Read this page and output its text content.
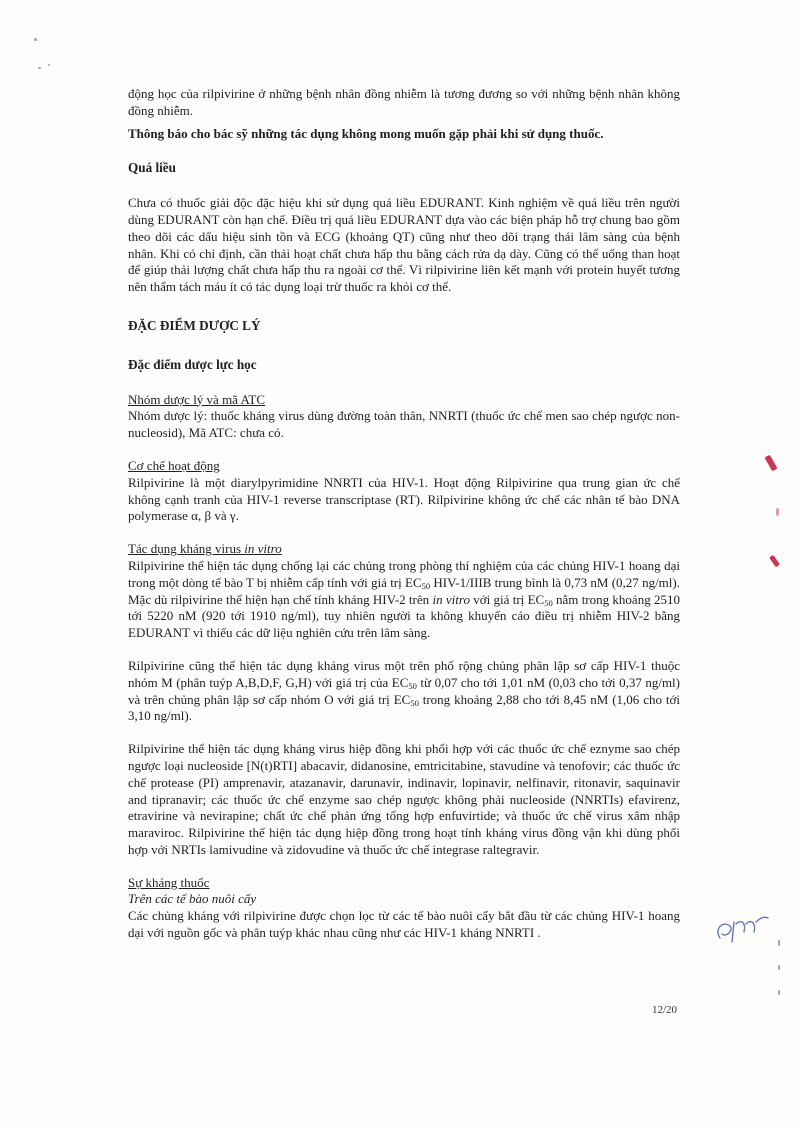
động học của rilpivirine ở những bệnh nhân đồng nhiễm là tương đương so với những bệnh nhân không đồng nhiễm.

Thông báo cho bác sỹ những tác dụng không mong muốn gặp phải khi sử dụng thuốc.

Quá liều

Chưa có thuốc giải độc đặc hiệu khi sử dụng quá liều EDURANT. Kinh nghiệm về quá liều trên người dùng EDURANT còn hạn chế. Điều trị quá liều EDURANT dựa vào các biện pháp hỗ trợ chung bao gồm theo dõi các dấu hiệu sinh tồn và ECG (khoảng QT) cũng như theo dõi trạng thái lâm sàng của bệnh nhân. Khi có chỉ định, cần thải hoạt chất chưa hấp thu bằng cách rửa dạ dày. Cũng có thể uống than hoạt để giúp thải lượng chất chưa hấp thu ra ngoài cơ thể. Vì rilpivirine liên kết mạnh với protein huyết tương nên thẩm tách máu ít có tác dụng loại trừ thuốc ra khỏi cơ thể.

ĐẶC ĐIỂM DƯỢC LÝ

Đặc điểm dược lực học

Nhóm dược lý và mã ATC

Nhóm dược lý: thuốc kháng virus dùng đường toàn thân, NNRTI (thuốc ức chế men sao chép ngược non-nucleosid), Mã ATC: chưa có.

Cơ chế hoạt động

Rilpivirine là một diarylpyrimidine NNRTI của HIV-1. Hoạt động Rilpivirine qua trung gian ức chế không cạnh tranh của HIV-1 reverse transcriptase (RT). Rilpivirine không ức chế các nhân tế bào DNA polymerase α, β và γ.

Tác dụng kháng virus in vitro

Rilpivirine thể hiện tác dụng chống lại các chủng trong phòng thí nghiệm của các chủng HIV-1 hoang dại trong một dòng tế bào T bị nhiễm cấp tính với giá trị $EC_{50}$ HIV-1/IIIB trung bình là 0,73 nM (0,27 ng/ml). Mặc dù rilpivirine thể hiện hạn chế tính kháng HIV-2 trên in vitro với giá trị $EC_{50}$ nằm trong khoảng 2510 tới 5220 nM (920 tới 1910 ng/ml), tuy nhiên người ta không khuyến cáo điều trị nhiễm HIV-2 bằng EDURANT vì thiếu các dữ liệu nghiên cứu trên lâm sàng.

Rilpivirine cũng thể hiện tác dụng kháng virus một trên phổ rộng chủng phân lập sơ cấp HIV-1 thuộc nhóm M (phân tuýp A,B,D,F, G,H) với giá trị của $EC_{50}$ từ 0,07 cho tới 1,01 nM (0,03 cho tới 0,37 ng/ml) và trên chủng phân lập sơ cấp nhóm O với giá trị $EC_{50}$ trong khoảng 2,88 cho tới 8,45 nM (1,06 cho tới 3,10 ng/ml).

Rilpivirine thể hiện tác dụng kháng virus hiệp đồng khi phối hợp với các thuốc ức chế eznyme sao chép ngược loại nucleoside [N(t)RTI] abacavir, didanosine, emtricitabine, stavudine và tenofovir; các thuốc ức chế protease (PI) amprenavir, atazanavir, darunavir, indinavir, lopinavir, nelfinavir, ritonavir, saquinavir and tipranavir; các thuốc ức chế enzyme sao chép ngược không phải nucleoside (NNRTIs) efavirenz, etravirine và nevirapine; chất ức chế phản ứng tổng hợp enfuvirtide; và thuốc ức chế virus xâm nhập maraviroc. Rilpivirine thể hiện tác dụng hiệp đồng trong hoạt tính kháng virus đồng vận khi dùng phối hợp với NRTIs lamivudine và zidovudine và thuốc ức chế integrase raltegravir.

Sự kháng thuốc

Trên các tế bào nuôi cấy

Các chủng kháng với rilpivirine được chọn lọc từ các tế bào nuôi cấy bắt đầu từ các chủng HIV-1 hoang dại với nguồn gốc và phân tuýp khác nhau cũng như các HIV-1 kháng NNRTI .

12/20
